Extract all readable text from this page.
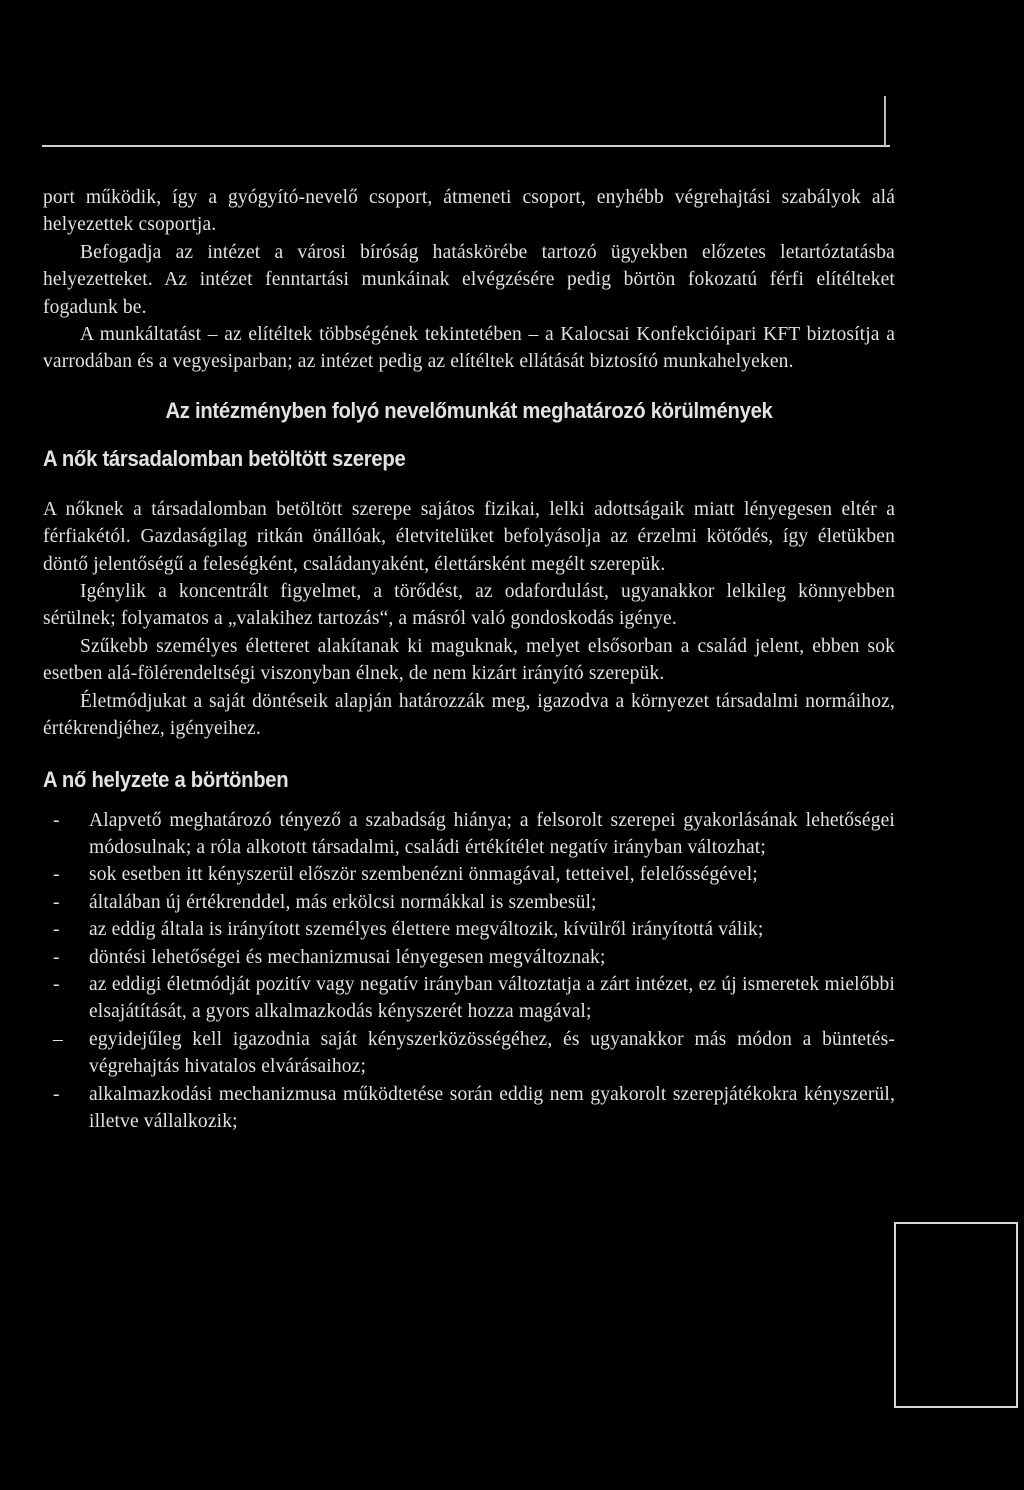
port működik, így a gyógyító-nevelő csoport, átmeneti csoport, enyhébb végrehajtási szabályok alá helyezettek csoportja.

Befogadja az intézet a városi bíróság hatáskörébe tartozó ügyekben előzetes letartóztatásba helyezetteket. Az intézet fenntartási munkáinak elvégzésére pedig börtön fokozatú férfi elítélteket fogadunk be.

A munkáltatást – az elítéltek többségének tekintetében – a Kalocsai Konfekcióipari KFT biztosítja a varrodában és a vegyesiparban; az intézet pedig az elítéltek ellátását biztosító munkahelyeken.

Az intézményben folyó nevelőmunkát meghatározó körülmények
A nők társadalomban betöltött szerepe

A nőknek a társadalomban betöltött szerepe sajátos fizikai, lelki adottságaik miatt lényegesen eltér a férfiakétól. Gazdaságilag ritkán önállóak, életvitelüket befolyásolja az érzelmi kötődés, így életükben döntő jelentőségű a feleségként, családanyaként, élettársként megélt szerepük.

Igénylik a koncentrált figyelmet, a törődést, az odafordulást, ugyanakkor lelkileg könnyebben sérülnek; folyamatos a „valakihez tartozás“, a másról való gondoskodás igénye.

Szűkebb személyes életteret alakítanak ki maguknak, melyet elsősorban a család jelent, ebben sok esetben alá-fölérendeltségi viszonyban élnek, de nem kizárt irányító szerepük.

Életmódjukat a saját döntéseik alapján határozzák meg, igazodva a környezet társadalmi normáihoz, értékrendjéhez, igényeihez.

A nő helyzete a börtönben
- Alapvető meghatározó tényező a szabadság hiánya; a felsorolt szerepei gyakorlásának lehetőségei módosulnak; a róla alkotott társadalmi, családi értékítélet negatív irányban változhat;
- sok esetben itt kényszerül először szembenézni önmagával, tetteivel, felelősségével;
- általában új értékrenddel, más erkölcsi normákkal is szembesül;
- az eddig általa is irányított személyes élettere megváltozik, kívülről irányítottá válik;
- döntési lehetőségei és mechanizmusai lényegesen megváltoznak;
- az eddigi életmódját pozitív vagy negatív irányban változtatja a zárt intézet, ez új ismeretek mielőbbi elsajátítását, a gyors alkalmazkodás kényszerét hozza magával;
– egyidejűleg kell igazodnia saját kényszerközösségéhez, és ugyanakkor más módon a büntetés-végrehajtás hivatalos elvárásaihoz;
- alkalmazkodási mechanizmusa működtetése során eddig nem gyakorolt szerepjátékokra kényszerül, illetve vállalkozik;
